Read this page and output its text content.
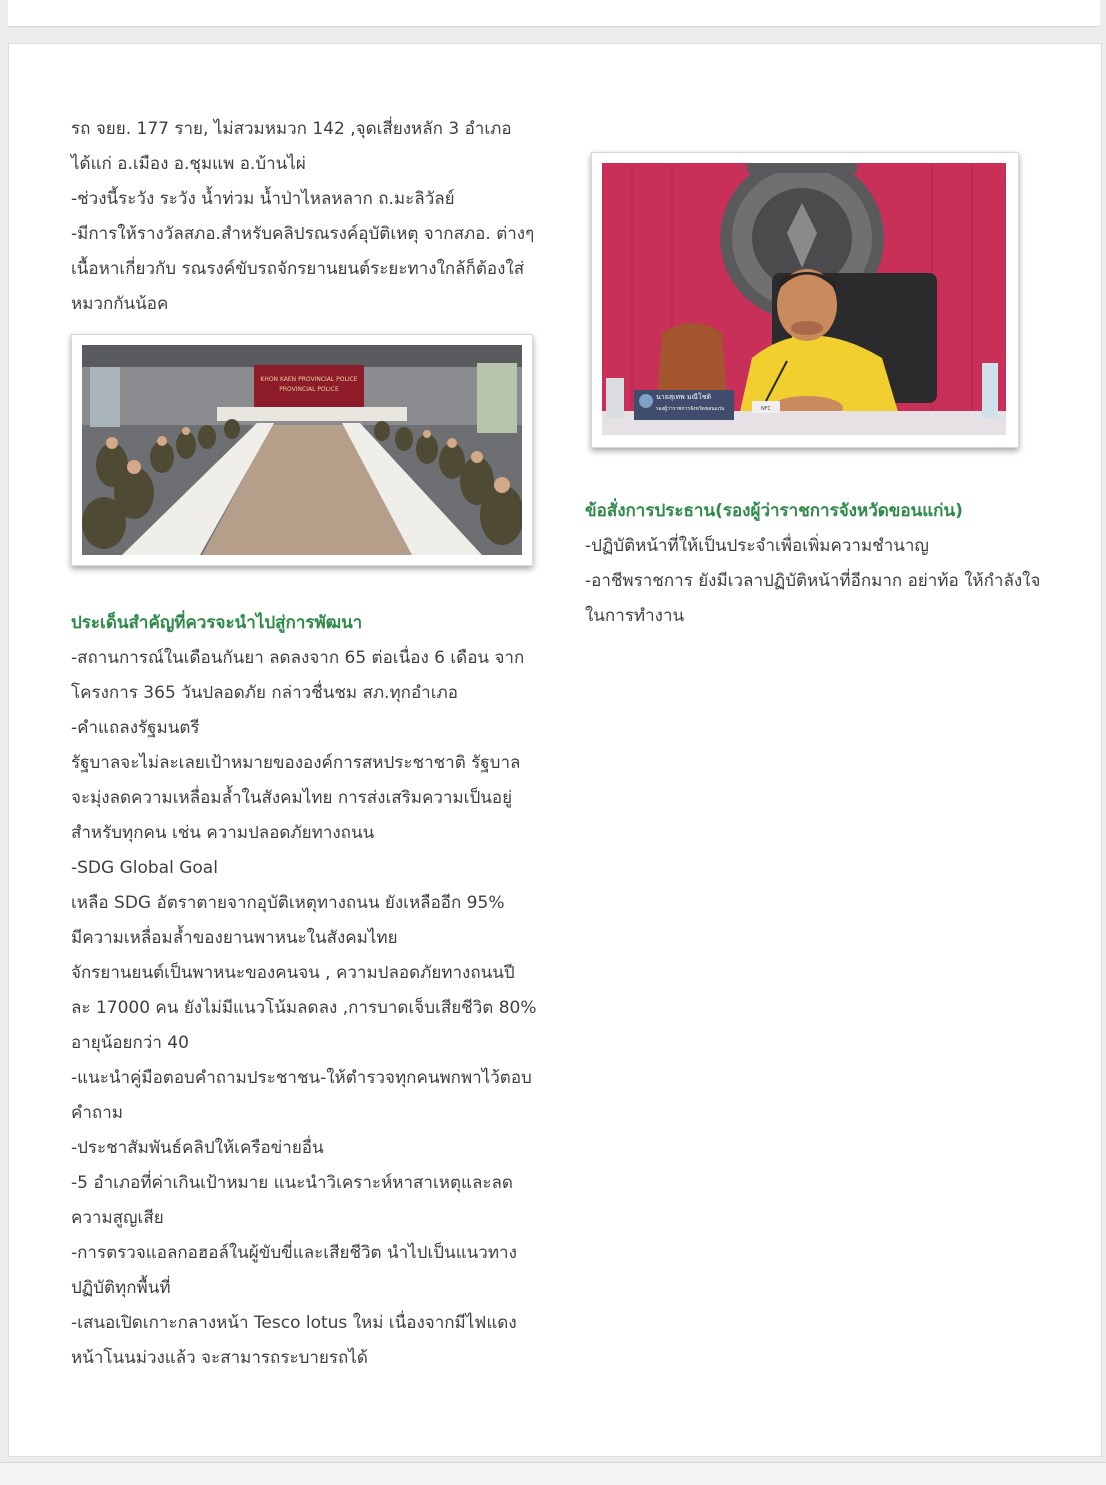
รถ จยย. 177 ราย, ไม่สวมหมวก 142 ,จุดเสี่ยงหลัก 3 อำเภอ

ได้แก่ อ.เมือง อ.ชุมแพ อ.บ้านไผ่

-ช่วงนี้ระวัง ระวัง น้ำท่วม น้ำป่าไหลหลาก ถ.มะลิวัลย์

-มีการให้รางวัลสภอ.สำหรับคลิปรณรงค์อุบัติเหตุ จากสภอ. ต่างๆ

เนื้อหาเกี่ยวกับ รณรงค์ขับรถจักรยานยนต์ระยะทางใกล้ก็ต้องใส่

หมวกกันน้อค

KHON KAEN PROVINCIAL POLICE
PROVINCIAL POLICE

ประเด็นสำคัญที่ควรจะนำไปสู่การพัฒนา

-สถานการณ์ในเดือนกันยา ลดลงจาก 65 ต่อเนื่อง 6 เดือน จาก

โครงการ 365 วันปลอดภัย กล่าวชื่นชม สภ.ทุกอำเภอ

-คำแถลงรัฐมนตรี

รัฐบาลจะไม่ละเลยเป้าหมายขององค์การสหประชาชาติ รัฐบาล

จะมุ่งลดความเหลื่อมล้ำในสังคมไทย การส่งเสริมความเป็นอยู่

สำหรับทุกคน เช่น ความปลอดภัยทางถนน

-SDG Global Goal

เหลือ SDG อัตราตายจากอุบัติเหตุทางถนน ยังเหลืออีก 95%

มีความเหลื่อมล้ำของยานพาหนะในสังคมไทย

จักรยานยนต์เป็นพาหนะของคนจน , ความปลอดภัยทางถนนปี

ละ 17000 คน ยังไม่มีแนวโน้มลดลง ,การบาดเจ็บเสียชีวิต 80%

อายุน้อยกว่า 40

-แนะนำคู่มือตอบคำถามประชาชน-ให้ตำรวจทุกคนพกพาไว้ตอบ

คำถาม

-ประชาสัมพันธ์คลิปให้เครือข่ายอื่น

-5 อำเภอที่ค่าเกินเป้าหมาย แนะนำวิเคราะห์หาสาเหตุและลด

ความสูญเสีย

-การตรวจแอลกอฮอล์ในผู้ขับขี่และเสียชีวิต นำไปเป็นแนวทาง

ปฏิบัติทุกพื้นที่

-เสนอเปิดเกาะกลางหน้า Tesco lotus ใหม่ เนื่องจากมีไฟแดง

หน้าโนนม่วงแล้ว จะสามารถระบายรถได้

นายสุเทพ มณีโชติ
รองผู้ว่าราชการจังหวัดขอนแก่น	NFC

ข้อสั่งการประธาน(รองผู้ว่าราชการจังหวัดขอนแก่น)

-ปฏิบัติหน้าที่ให้เป็นประจำเพื่อเพิ่มความชำนาญ

-อาชีพราชการ ยังมีเวลาปฏิบัติหน้าที่อีกมาก อย่าท้อ ให้กำลังใจ

ในการทำงาน
